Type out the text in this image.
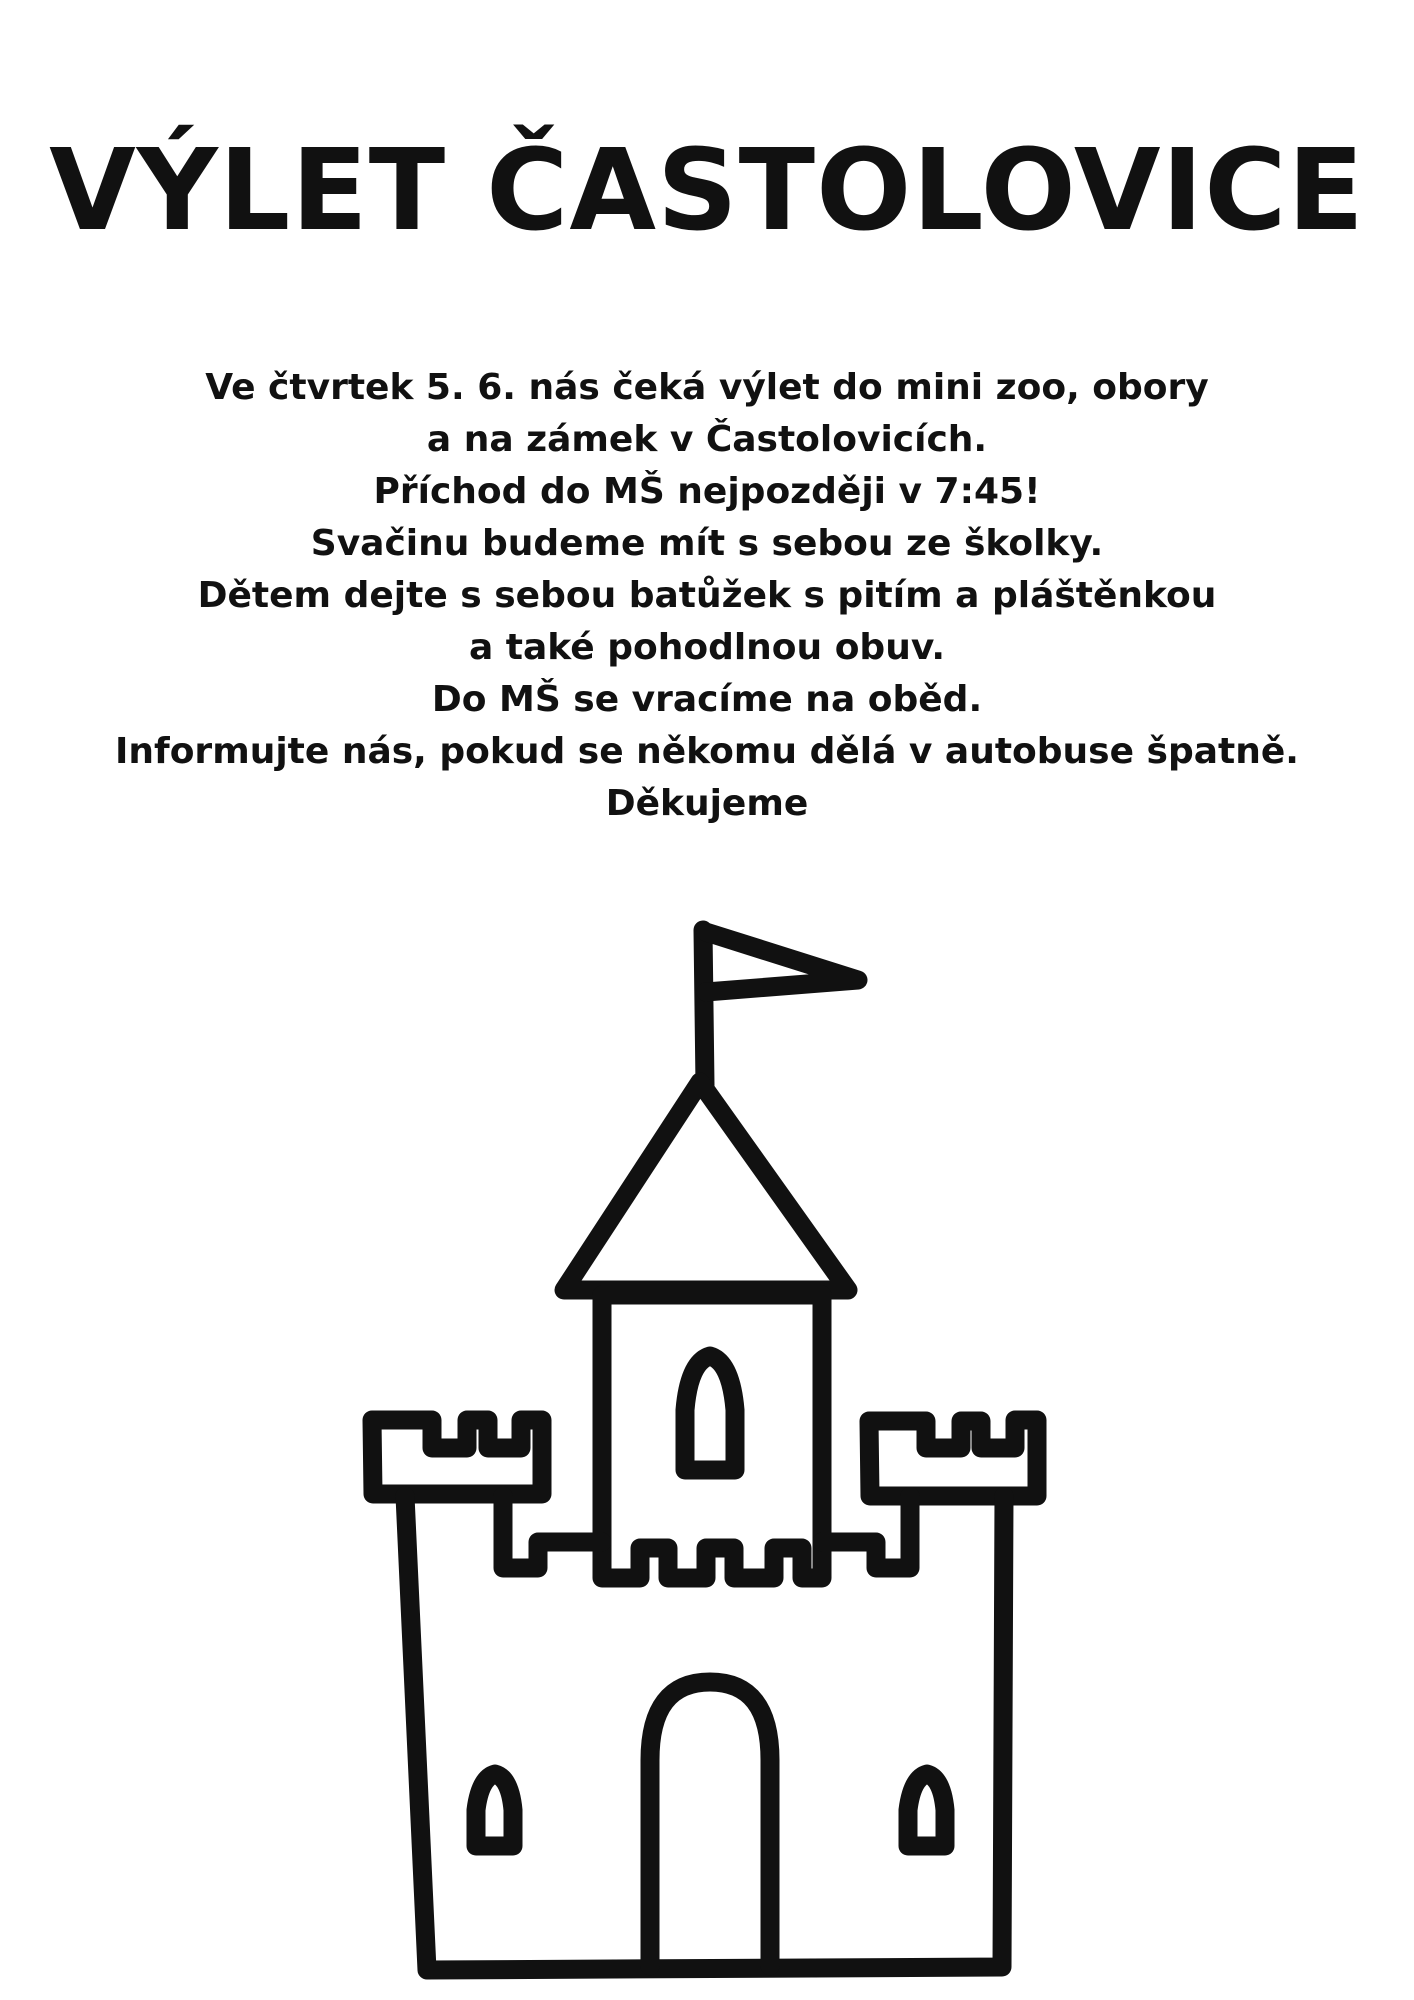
VÝLET ČASTOLOVICE
Ve čtvrtek 5. 6. nás čeká výlet do mini zoo, obory
a na zámek v Častolovicích.
Příchod do MŠ nejpozději v 7:45!
Svačinu budeme mít s sebou ze školky.
Dětem dejte s sebou batůžek s pitím a pláštěnkou
a také pohodlnou obuv.
Do MŠ se vracíme na oběd.
Informujte nás, pokud se někomu dělá v autobuse špatně.
Děkujeme
